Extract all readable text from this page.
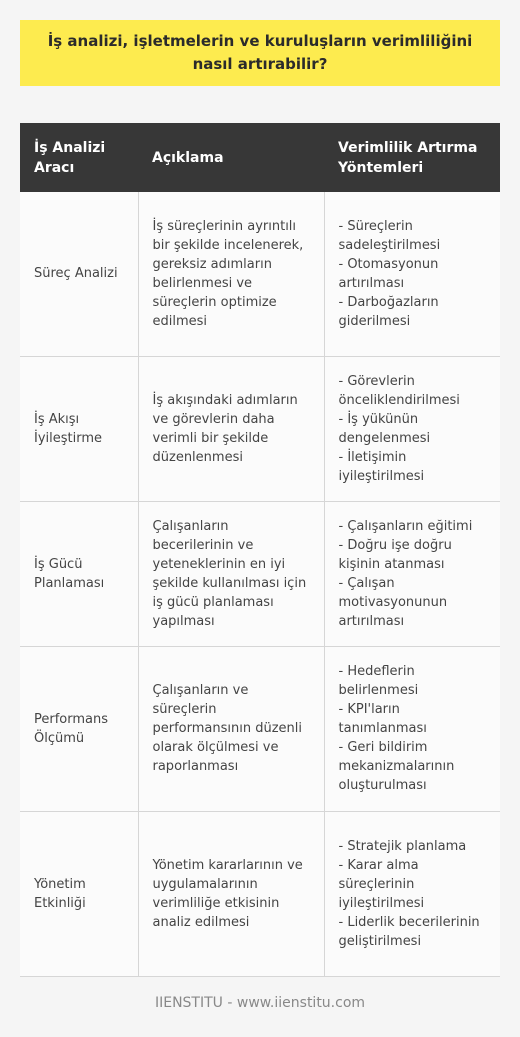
İş analizi, işletmelerin ve kuruluşların verimliliğini nasıl artırabilir?
İş Analizi Aracı	Açıklama	Verimlilik Artırma Yöntemleri
Süreç Analizi	İş süreçlerinin ayrıntılı bir şekilde incelenerek, gereksiz adımların belirlenmesi ve süreçlerin optimize edilmesi	- Süreçlerin sadeleştirilmesi
- Otomasyonun artırılması
- Darboğazların giderilmesi

İş Akışı İyileştirme	İş akışındaki adımların ve görevlerin daha verimli bir şekilde düzenlenmesi	- Görevlerin önceliklendirilmesi
- İş yükünün dengelenmesi
- İletişimin iyileştirilmesi

İş Gücü Planlaması	Çalışanların becerilerinin ve yeteneklerinin en iyi şekilde kullanılması için iş gücü planlaması yapılması	- Çalışanların eğitimi
- Doğru işe doğru kişinin atanması
- Çalışan motivasyonunun artırılması

Performans Ölçümü	Çalışanların ve süreçlerin performansının düzenli olarak ölçülmesi ve raporlanması	- Hedeflerin belirlenmesi
- KPI'ların tanımlanması
- Geri bildirim mekanizmalarının oluşturulması

Yönetim Etkinliği	Yönetim kararlarının ve uygulamalarının verimliliğe etkisinin analiz edilmesi	- Stratejik planlama
- Karar alma süreçlerinin iyileştirilmesi
- Liderlik becerilerinin geliştirilmesi
IIENSTITU - www.iienstitu.com
